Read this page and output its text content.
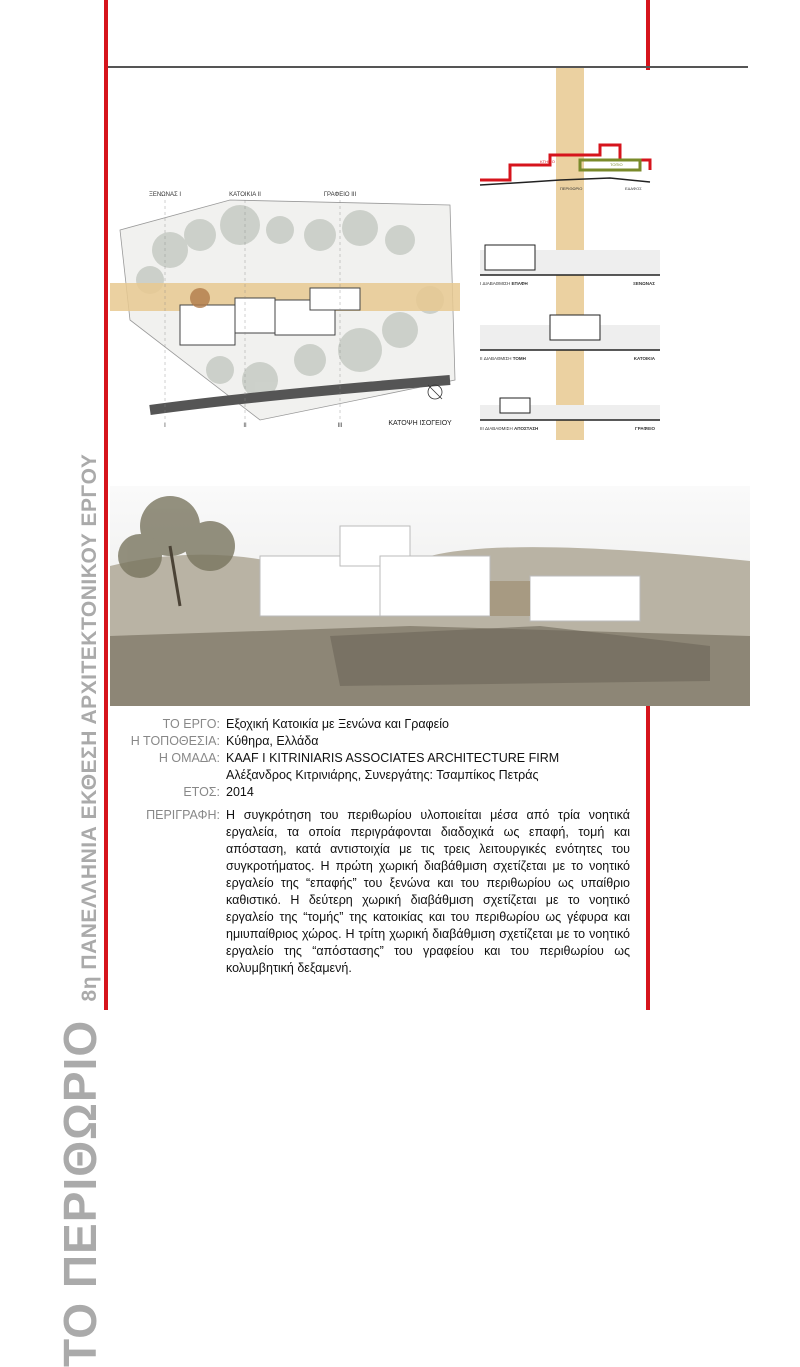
ΤΟ ΠΕΡΙΘΩΡΙΟ 8η ΠΑΝΕΛΛΗΝΙΑ ΕΚΘΕΣΗ ΑΡΧΙΤΕΚΤΟΝΙΚΟΥ ΕΡΓΟΥ
ΞΕΝΩΝΑΣ I	ΚΑΤΟΙΚΙΑ II	ΓΡΑΦΕΙΟ III
I	II	III	ΚΑΤΟΨΗ ΙΣΟΓΕΙΟΥ
ΚΤΗΡΙΟ
ΤΟΠΙΟ
ΠΕΡΙΘΩΡΙΟ	ΕΔΑΦΟΣ
I ΔΙΑΒΑΘΜΙΣΗ ΕΠΑΦΗ	ΞΕΝΩΝΑΣ
II ΔΙΑΒΑΘΜΙΣΗ ΤΟΜΗ	ΚΑΤΟΙΚΙΑ
III ΔΙΑΒΑΘΜΙΣΗ ΑΠΟΣΤΑΣΗ	ΓΡΑΦΕΙΟ
ΤΟ ΕΡΓΟ: Εξοχική Κατοικία με Ξενώνα και Γραφείο
Η ΤΟΠΟΘΕΣΙΑ: Κύθηρα, Ελλάδα
Η ΟΜΑΔΑ: KAAF I KITRINIARIS ASSOCIATES ARCHITECTURE FIRM
Αλέξανδρος Κιτρινιάρης, Συνεργάτης: Τσαμπίκος Πετράς
ΕΤΟΣ: 2014
ΠΕΡΙΓΡΑΦΗ: Η συγκρότηση του περιθωρίου υλοποιείται μέσα από τρία νοητικά εργαλεία, τα οποία περιγράφονται διαδοχικά ως επαφή, τομή και απόσταση, κατά αντιστοιχία με τις τρεις λειτουργικές ενότητες του συγκροτήματος. Η πρώτη χωρική διαβάθμιση σχετίζεται με το νοητικό εργαλείο της “επαφής” του ξενώνα και του περιθωρίου ως υπαίθριο καθιστικό. Η δεύτερη χωρική διαβάθμιση σχετίζεται με το νοητικό εργαλείο της “τομής” της κατοικίας και του περιθωρίου ως γέφυρα και ημιυπαίθριος χώρος. Η τρίτη χωρική διαβάθμιση σχετίζεται με το νοητικό εργαλείο της “απόστασης” του γραφείου και του περιθωρίου ως κολυμβητική δεξαμενή.
